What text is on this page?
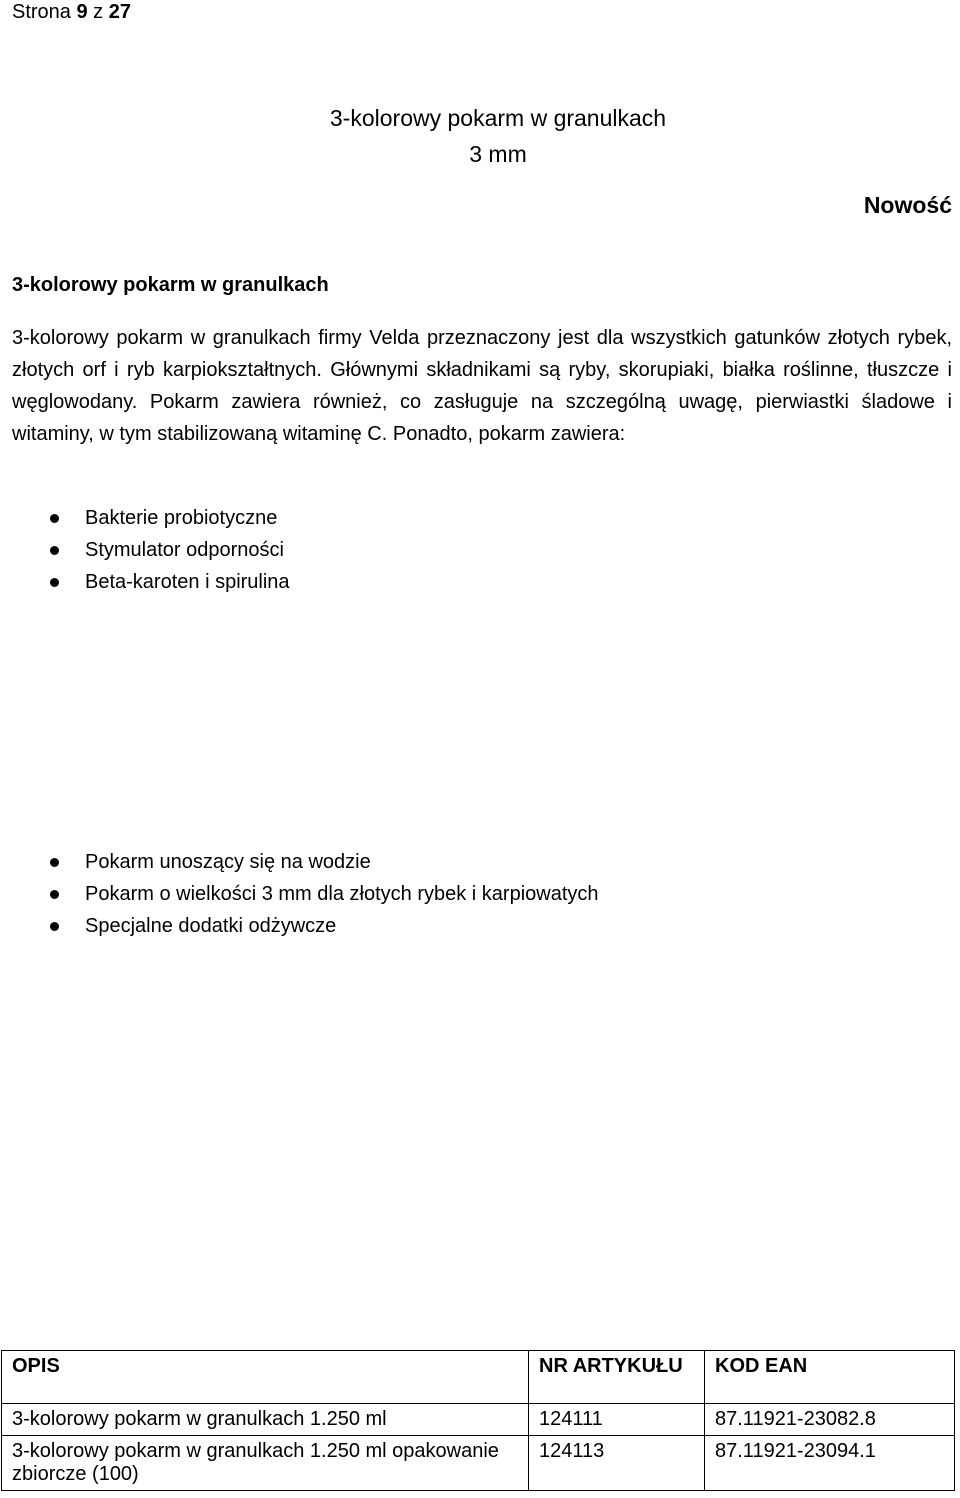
Strona 9 z 27
3-kolorowy pokarm w granulkach
3 mm
Nowość
3-kolorowy pokarm w granulkach
3-kolorowy pokarm w granulkach firmy Velda przeznaczony jest dla wszystkich gatunków złotych rybek, złotych orf i ryb karpiokształtnych. Głównymi składnikami są ryby, skorupiaki, białka roślinne, tłuszcze i węglowodany. Pokarm zawiera również, co zasługuje na szczególną uwagę, pierwiastki śladowe i witaminy, w tym stabilizowaną witaminę C. Ponadto, pokarm zawiera:
Bakterie probiotyczne
Stymulator odporności
Beta-karoten i spirulina
Pokarm unoszący się na wodzie
Pokarm o wielkości 3 mm dla złotych rybek i karpiowatych
Specjalne dodatki odżywcze
OPIS	NR ARTYKUŁU	KOD EAN
3-kolorowy pokarm w granulkach 1.250 ml	124111	87.11921-23082.8
3-kolorowy pokarm w granulkach 1.250 ml opakowanie zbiorcze (100)	124113	87.11921-23094.1
